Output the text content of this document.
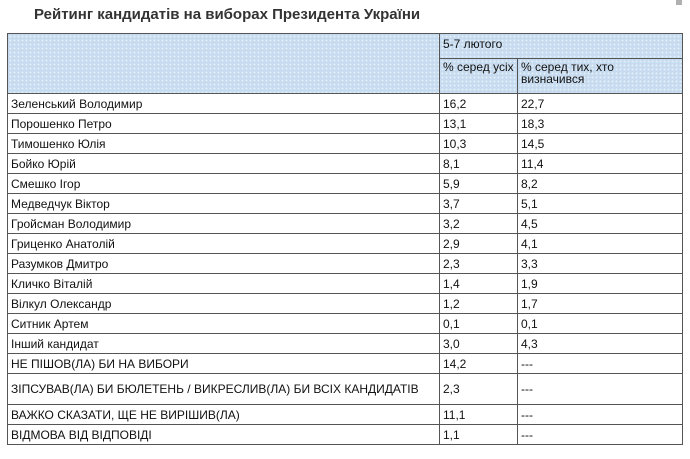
Рейтинг кандидатів на виборах Президента України
	5-7 лютого	
	% серед усіх	% серед тих, хто визначився
Зеленський Володимир	16,2	22,7
Порошенко Петро	13,1	18,3
Тимошенко Юлія	10,3	14,5
Бойко Юрій	8,1	11,4
Смешко Ігор	5,9	8,2
Медведчук Віктор	3,7	5,1
Гройсман Володимир	3,2	4,5
Гриценко Анатолій	2,9	4,1
Разумков Дмитро	2,3	3,3
Кличко Віталій	1,4	1,9
Вілкул Олександр	1,2	1,7
Ситник Артем	0,1	0,1
Інший кандидат	3,0	4,3
НЕ ПІШОВ(ЛА) БИ НА ВИБОРИ	14,2	---
ЗІПСУВАВ(ЛА) БИ БЮЛЕТЕНЬ / ВИКРЕСЛИВ(ЛА) БИ ВСІХ КАНДИДАТІВ	2,3	---
ВАЖКО СКАЗАТИ, ЩЕ НЕ ВИРІШИВ(ЛА)	11,1	---
ВІДМОВА ВІД ВІДПОВІДІ	1,1	---
